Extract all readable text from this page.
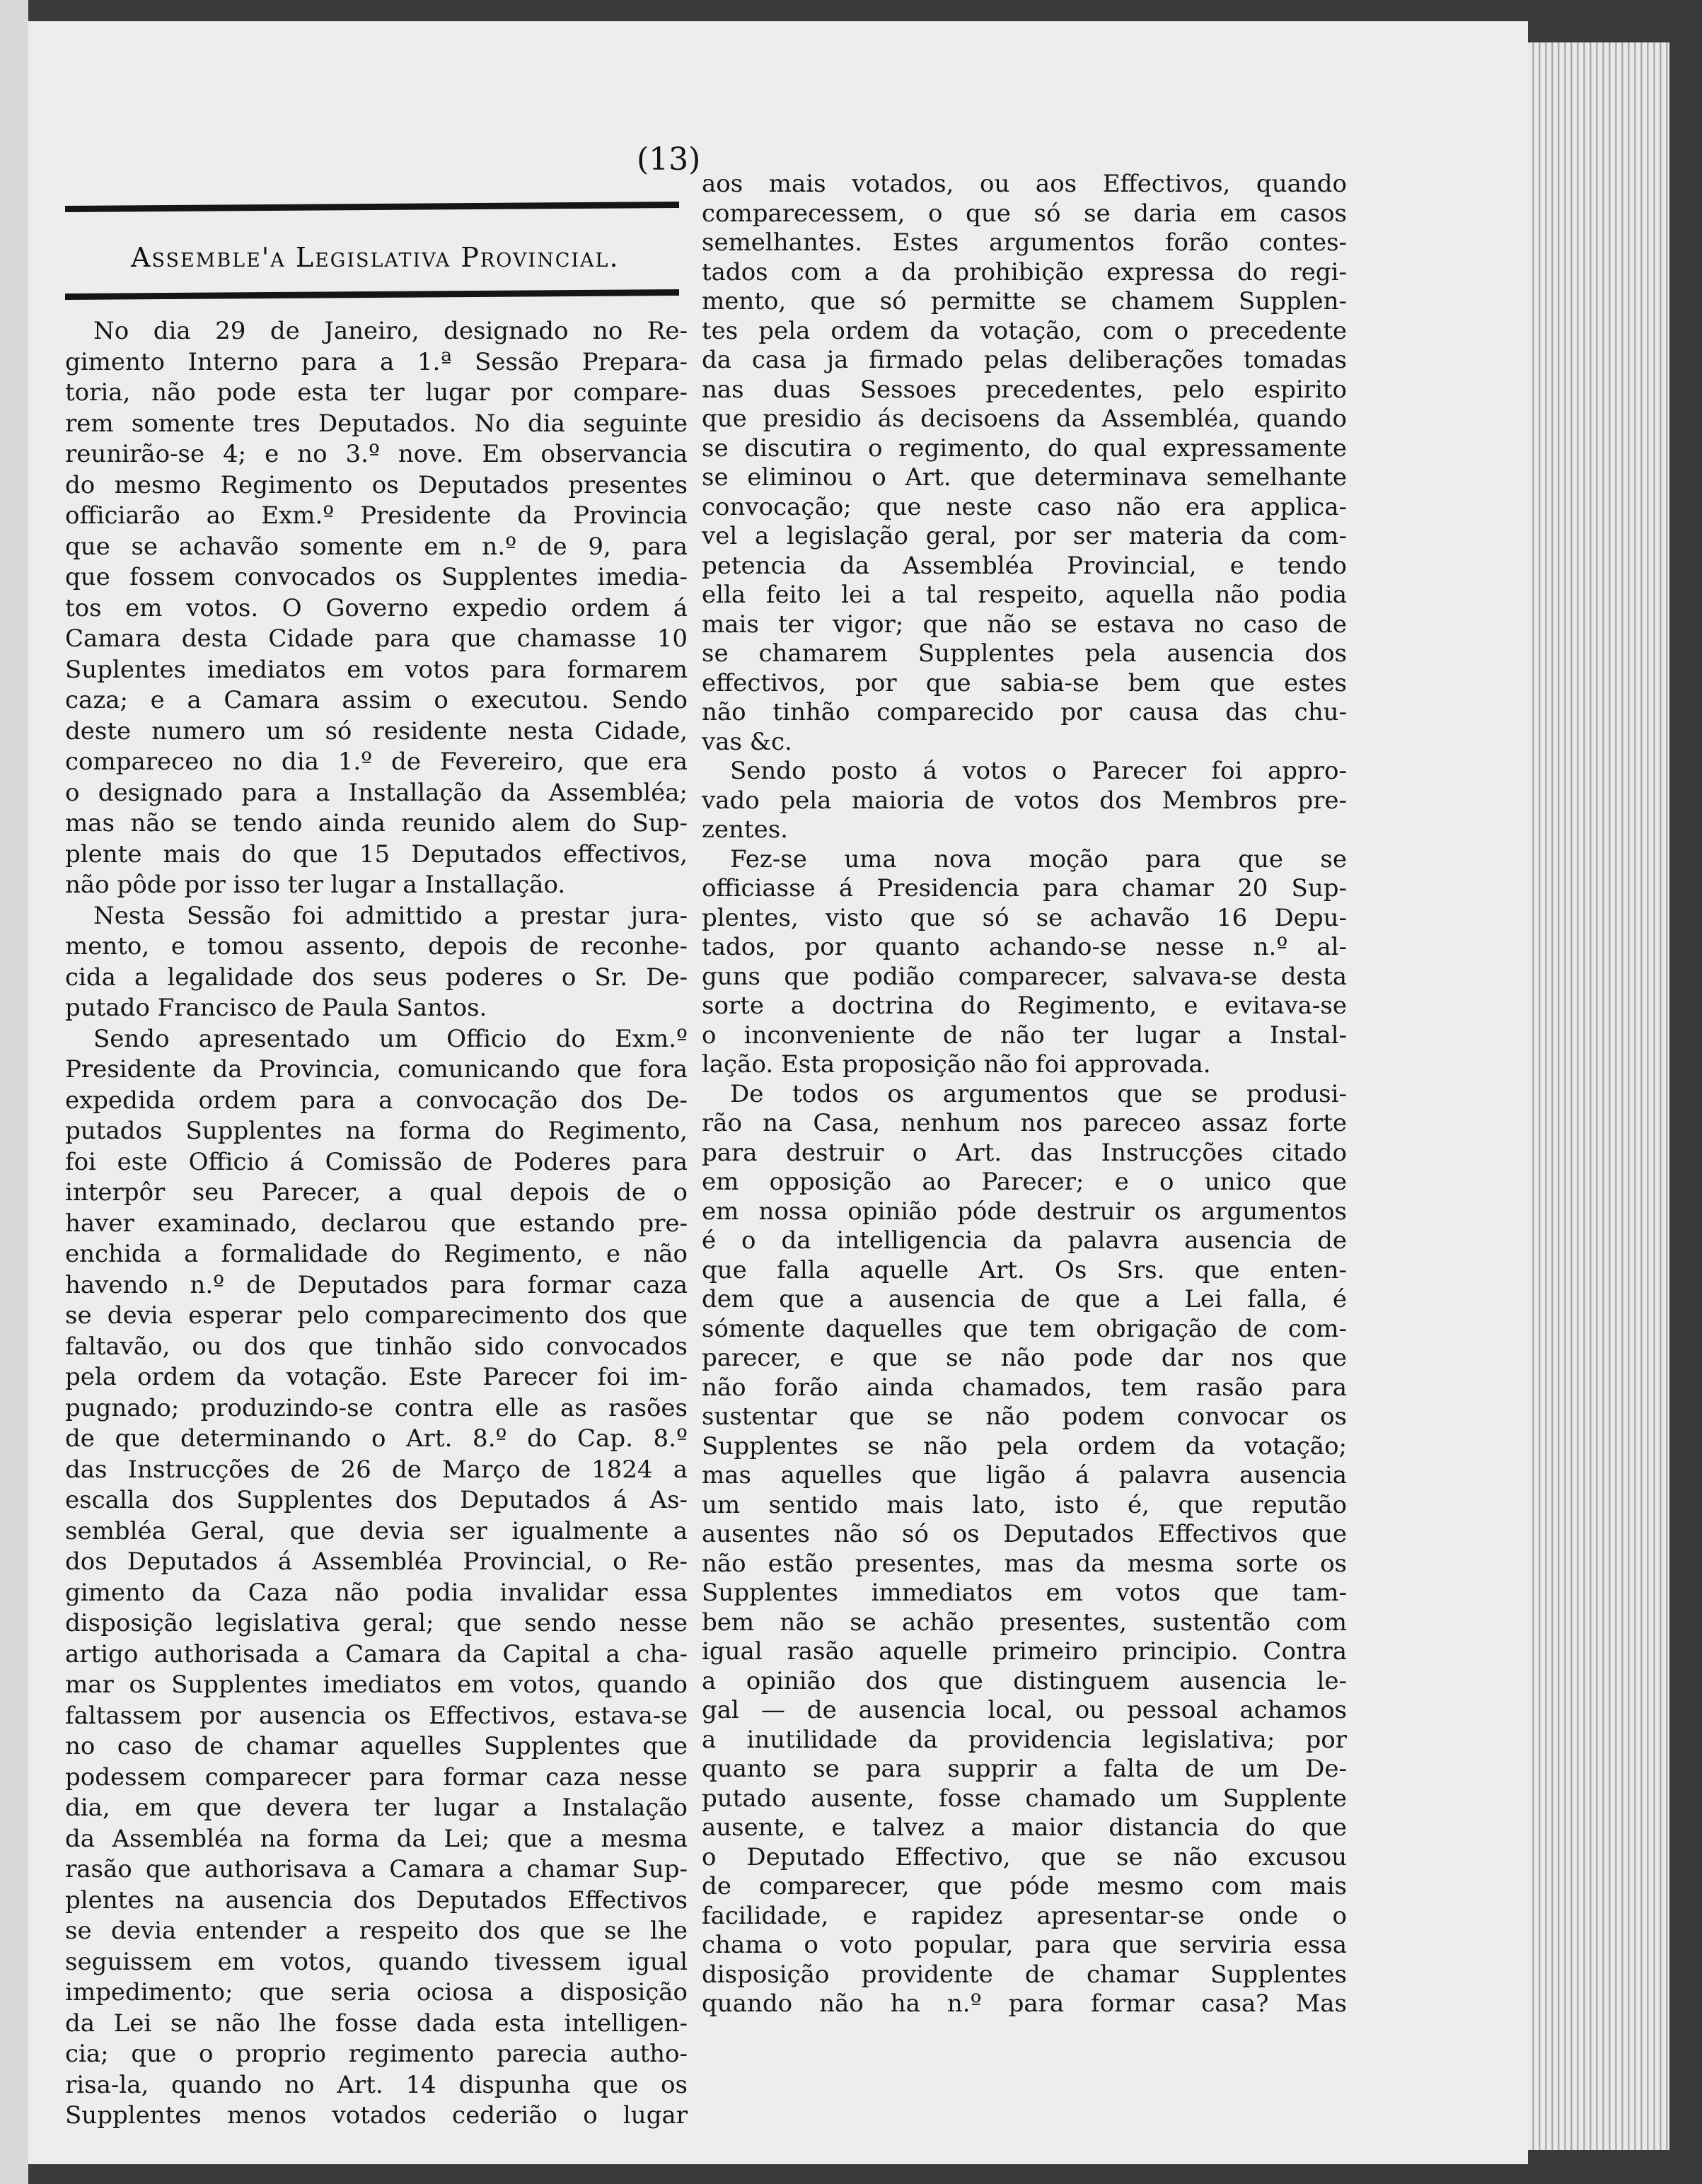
(13)
Assemble'a Legislativa Provincial.
No dia 29 de Janeiro, designado no Re-
gimento Interno para a 1.ª Sessão Prepara-
toria, não pode esta ter lugar por compare-
rem somente tres Deputados. No dia seguinte
reunirão-se 4; e no 3.º nove. Em observancia
do mesmo Regimento os Deputados presentes
officiarão ao Exm.º Presidente da Provincia
que se achavão somente em n.º de 9, para
que fossem convocados os Supplentes imedia-
tos em votos. O Governo expedio ordem á
Camara desta Cidade para que chamasse 10
Suplentes imediatos em votos para formarem
caza; e a Camara assim o executou. Sendo
deste numero um só residente nesta Cidade,
compareceo no dia 1.º de Fevereiro, que era
o designado para a Installação da Assembléa;
mas não se tendo ainda reunido alem do Sup-
plente mais do que 15 Deputados effectivos,
não pôde por isso ter lugar a Installação.
Nesta Sessão foi admittido a prestar jura-
mento, e tomou assento, depois de reconhe-
cida a legalidade dos seus poderes o Sr. De-
putado Francisco de Paula Santos.
Sendo apresentado um Officio do Exm.º
Presidente da Provincia, comunicando que fora
expedida ordem para a convocação dos De-
putados Supplentes na forma do Regimento,
foi este Officio á Comissão de Poderes para
interpôr seu Parecer, a qual depois de o
haver examinado, declarou que estando pre-
enchida a formalidade do Regimento, e não
havendo n.º de Deputados para formar caza
se devia esperar pelo comparecimento dos que
faltavão, ou dos que tinhão sido convocados
pela ordem da votação. Este Parecer foi im-
pugnado; produzindo-se contra elle as rasões
de que determinando o Art. 8.º do Cap. 8.º
das Instrucções de 26 de Março de 1824 a
escalla dos Supplentes dos Deputados á As-
sembléa Geral, que devia ser igualmente a
dos Deputados á Assembléa Provincial, o Re-
gimento da Caza não podia invalidar essa
disposição legislativa geral; que sendo nesse
artigo authorisada a Camara da Capital a cha-
mar os Supplentes imediatos em votos, quando
faltassem por ausencia os Effectivos, estava-se
no caso de chamar aquelles Supplentes que
podessem comparecer para formar caza nesse
dia, em que devera ter lugar a Instalação
da Assembléa na forma da Lei; que a mesma
rasão que authorisava a Camara a chamar Sup-
plentes na ausencia dos Deputados Effectivos
se devia entender a respeito dos que se lhe
seguissem em votos, quando tivessem igual
impedimento; que seria ociosa a disposição
da Lei se não lhe fosse dada esta intelligen-
cia; que o proprio regimento parecia autho-
risa-la, quando no Art. 14 dispunha que os
Supplentes menos votados cederião o lugar
aos mais votados, ou aos Effectivos, quando
comparecessem, o que só se daria em casos
semelhantes. Estes argumentos forão contes-
tados com a da prohibição expressa do regi-
mento, que só permitte se chamem Supplen-
tes pela ordem da votação, com o precedente
da casa ja firmado pelas deliberações tomadas
nas duas Sessoes precedentes, pelo espirito
que presidio ás decisoens da Assembléa, quando
se discutira o regimento, do qual expressamente
se eliminou o Art. que determinava semelhante
convocação; que neste caso não era applica-
vel a legislação geral, por ser materia da com-
petencia da Assembléa Provincial, e tendo
ella feito lei a tal respeito, aquella não podia
mais ter vigor; que não se estava no caso de
se chamarem Supplentes pela ausencia dos
effectivos, por que sabia-se bem que estes
não tinhão comparecido por causa das chu-
vas &c.
Sendo posto á votos o Parecer foi appro-
vado pela maioria de votos dos Membros pre-
zentes.
Fez-se uma nova moção para que se
officiasse á Presidencia para chamar 20 Sup-
plentes, visto que só se achavão 16 Depu-
tados, por quanto achando-se nesse n.º al-
guns que podião comparecer, salvava-se desta
sorte a doctrina do Regimento, e evitava-se
o inconveniente de não ter lugar a Instal-
lação. Esta proposição não foi approvada.
De todos os argumentos que se produsi-
rão na Casa, nenhum nos pareceo assaz forte
para destruir o Art. das Instrucções citado
em opposição ao Parecer; e o unico que
em nossa opinião póde destruir os argumentos
é o da intelligencia da palavra ausencia de
que falla aquelle Art. Os Srs. que enten-
dem que a ausencia de que a Lei falla, é
sómente daquelles que tem obrigação de com-
parecer, e que se não pode dar nos que
não forão ainda chamados, tem rasão para
sustentar que se não podem convocar os
Supplentes se não pela ordem da votação;
mas aquelles que ligão á palavra ausencia
um sentido mais lato, isto é, que reputão
ausentes não só os Deputados Effectivos que
não estão presentes, mas da mesma sorte os
Supplentes immediatos em votos que tam-
bem não se achão presentes, sustentão com
igual rasão aquelle primeiro principio. Contra
a opinião dos que distinguem ausencia le-
gal — de ausencia local, ou pessoal achamos
a inutilidade da providencia legislativa; por
quanto se para supprir a falta de um De-
putado ausente, fosse chamado um Supplente
ausente, e talvez a maior distancia do que
o Deputado Effectivo, que se não excusou
de comparecer, que póde mesmo com mais
facilidade, e rapidez apresentar-se onde o
chama o voto popular, para que serviria essa
disposição providente de chamar Supplentes
quando não ha n.º para formar casa? Mas
